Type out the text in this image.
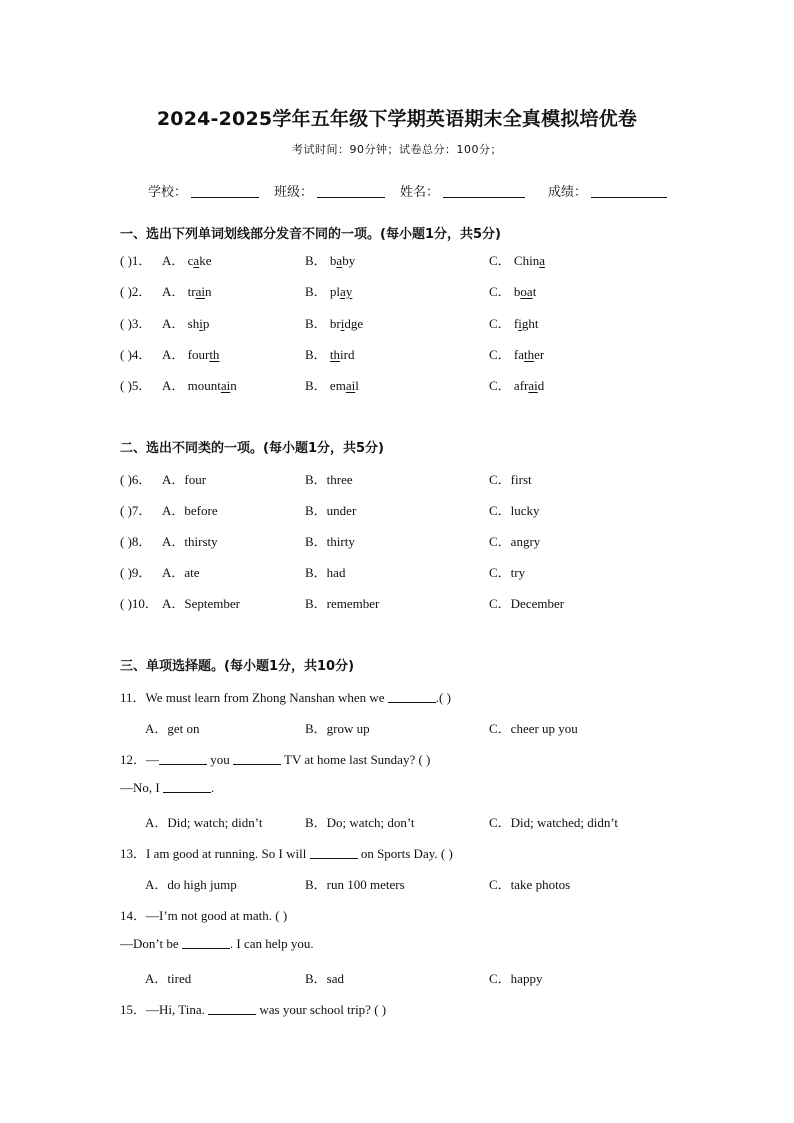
2024-2025学年五年级下学期英语期末全真模拟培优卷
考试时间：90分钟；试卷总分：100分；
学校：	班级：	姓名：	成绩：
一、选出下列单词划线部分发音不同的一项。(每小题1分，共5分)
( )1． A． cake	B． baby	C． China
( )2． A． train	B． play	C． boat
( )3． A． ship	B． bridge	C． fight
( )4． A． fourth	B． third	C． father
( )5． A． mountain	B． email	C． afraid
二、选出不同类的一项。(每小题1分，共5分)
( )6． A．four	B．three	C．first
( )7． A．before	B．under	C．lucky
( )8． A．thirsty	B．thirty	C．angry
( )9． A．ate	B．had	C．try
( )10． A．September	B．remember	C．December
三、单项选择题。(每小题1分，共10分)
11．We must learn from Zhong Nanshan when we	.( )
A．get on	B．grow up	C．cheer up you
12．—	you	TV at home last Sunday? ( )
—No, I	.
A．Did; watch; didn’t	B．Do; watch; don’t	C．Did; watched; didn’t
13．I am good at running. So I will	on Sports Day. ( )
A．do high jump	B．run 100 meters	C．take photos
14．—I’m not good at math. ( )
—Don’t be	. I can help you.
A．tired	B．sad	C．happy
15．—Hi, Tina.	was your school trip? ( )
